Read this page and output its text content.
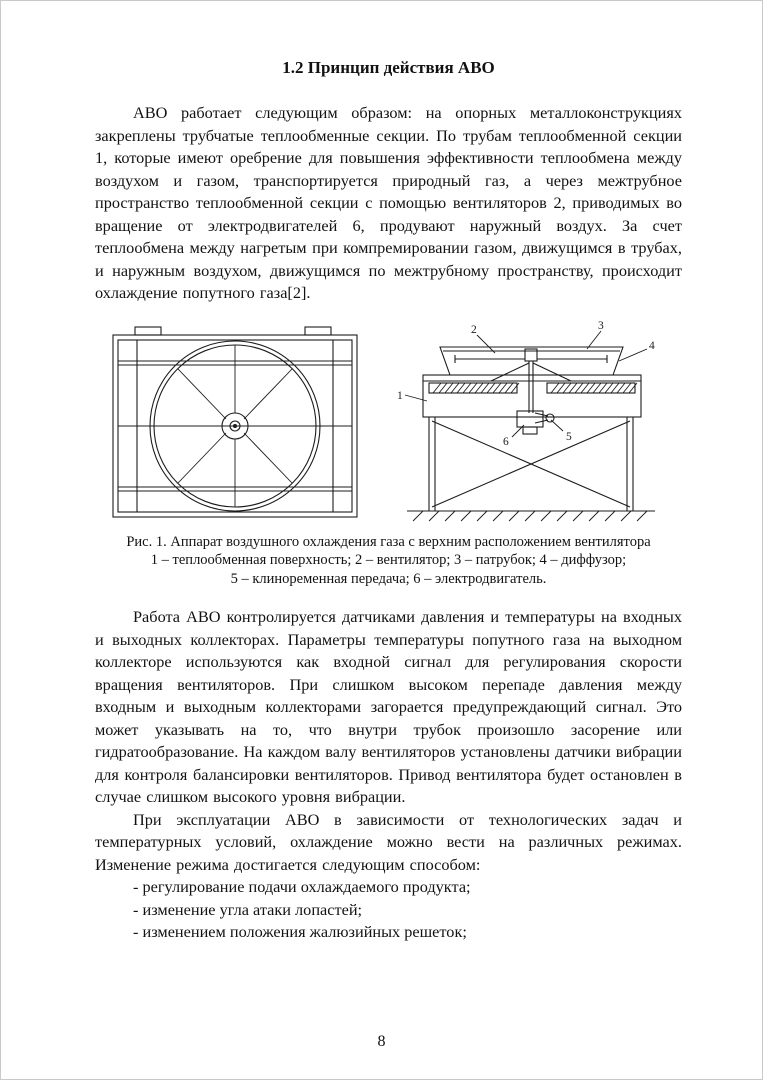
1.2 Принцип действия АВО

АВО работает следующим образом: на опорных металлоконструкциях закреплены трубчатые теплообменные секции. По трубам теплообменной секции 1, которые имеют оребрение для повышения эффективности теплообмена между воздухом и газом, транспортируется природный газ, а через межтрубное пространство теплообменной секции с помощью вентиляторов 2, приводимых во вращение от электродвигателей 6, продувают наружный воздух. За счет теплообмена между нагретым при компремировании газом, движущимся в трубах, и наружным воздухом, движущимся по межтрубному пространству, происходит охлаждение попутного газа[2].

1
2	3
4
5
6
Рис. 1. Аппарат воздушного охлаждения газа с верхним расположением вентилятора
1 – теплообменная поверхность; 2 – вентилятор; 3 – патрубок; 4 – диффузор;
5 – клиноременная передача; 6 – электродвигатель.

Работа АВО контролируется датчиками давления и температуры на входных и выходных коллекторах. Параметры температуры попутного газа на выходном коллекторе используются как входной сигнал для регулирования скорости вращения вентиляторов. При слишком высоком перепаде давления между входным и выходным коллекторами загорается предупреждающий сигнал. Это может указывать на то, что внутри трубок произошло засорение или гидратообразование. На каждом валу вентиляторов установлены датчики вибрации для контроля балансировки вентиляторов. Привод вентилятора будет остановлен в случае слишком высокого уровня вибрации.

При эксплуатации АВО в зависимости от технологических задач и температурных условий, охлаждение можно вести на различных режимах. Изменение режима достигается следующим способом:

- регулирование подачи охлаждаемого продукта;
- изменение угла атаки лопастей;
- изменением положения жалюзийных решеток;
8
